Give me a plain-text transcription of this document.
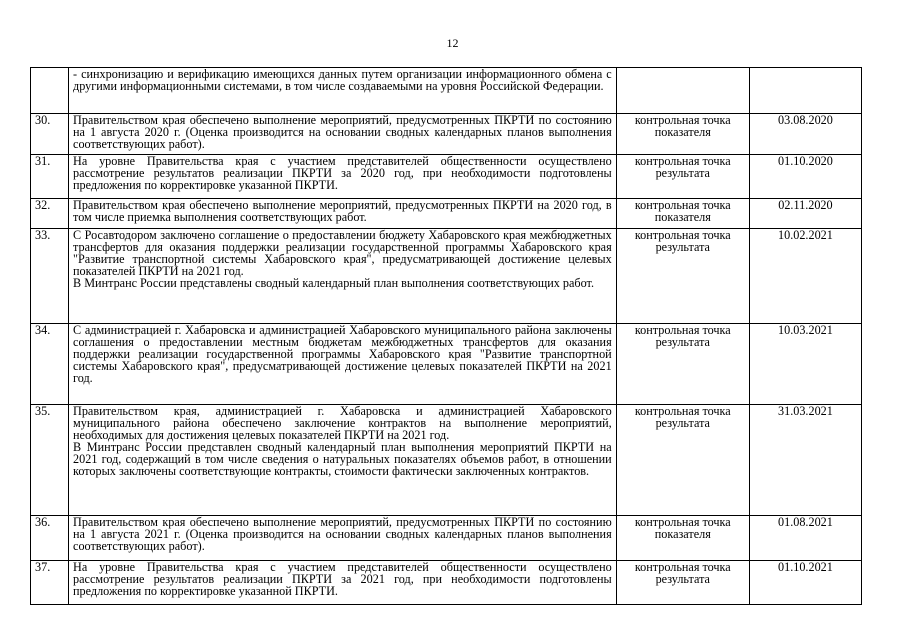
12

	- синхронизацию и верификацию имеющихся данных путем организации информационного обмена с другими информационными системами, в том числе создаваемыми на уровня Российской Федерации.		

30.	Правительством края обеспечено выполнение мероприятий, предусмотренных ПКРТИ по состоянию на 1 августа 2020 г. (Оценка производится на основании сводных календарных планов выполнения соответствующих работ).	контрольная точка показателя	03.08.2020
31.	На уровне Правительства края с участием представителей общественности осуществлено рассмотрение результатов реализации ПКРТИ за 2020 год, при необходимости подготовлены предложения по корректировке указанной ПКРТИ.	контрольная точка результата	01.10.2020
32.	Правительством края обеспечено выполнение мероприятий, предусмотренных ПКРТИ на 2020 год, в том числе приемка выполнения соответствующих работ.	контрольная точка показателя	02.11.2020
33.	С Росавтодором заключено соглашение о предоставлении бюджету Хабаровского края межбюджетных трансфертов для оказания поддержки реализации государственной программы Хабаровского края "Развитие транспортной системы Хабаровского края", предусматривающей достижение целевых показателей ПКРТИ на 2021 год.

В Минтранс России представлены сводный календарный план выполнения соответствующих работ.	контрольная точка результата	10.02.2021
34.	С администрацией г. Хабаровска и администрацией Хабаровского муниципального района заключены соглашения о предоставлении местным бюджетам межбюджетных трансфертов для оказания поддержки реализации государственной программы Хабаровского края "Развитие транспортной системы Хабаровского края", предусматривающей достижение целевых показателей ПКРТИ на 2021 год.	контрольная точка результата	10.03.2021
35.	Правительством края, администрацией г. Хабаровска и администрацией Хабаровского муниципального района обеспечено заключение контрактов на выполнение мероприятий, необходимых для достижения целевых показателей ПКРТИ на 2021 год.

В Минтранс России представлен сводный календарный план выполнения мероприятий ПКРТИ на 2021 год, содержащий в том числе сведения о натуральных показателях объемов работ, в отношении которых заключены соответствующие контракты, стоимости фактически заключенных контрактов.	контрольная точка результата	31.03.2021
36.	Правительством края обеспечено выполнение мероприятий, предусмотренных ПКРТИ по состоянию на 1 августа 2021 г. (Оценка производится на основании сводных календарных планов выполнения соответствующих работ).	контрольная точка показателя	01.08.2021
37.	На уровне Правительства края с участием представителей общественности осуществлено рассмотрение результатов реализации ПКРТИ за 2021 год, при необходимости подготовлены предложения по корректировке указанной ПКРТИ.	контрольная точка результата	01.10.2021
